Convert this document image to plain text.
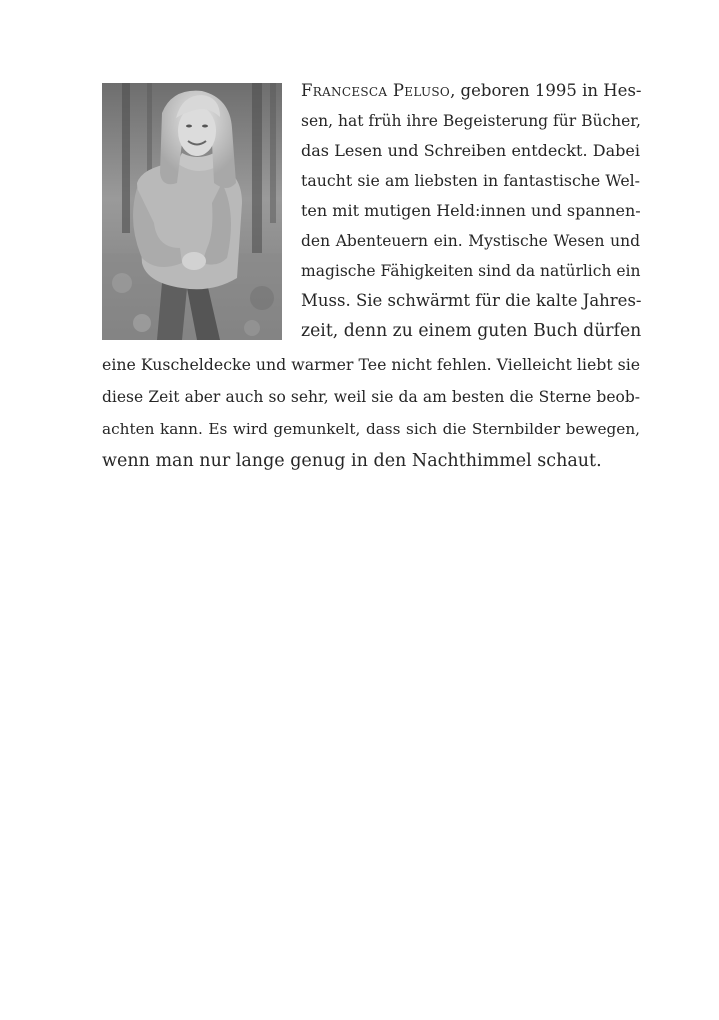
Francesca Peluso, geboren 1995 in Hes-
sen, hat früh ihre Begeisterung für Bücher,
das Lesen und Schreiben entdeckt. Dabei
taucht sie am liebsten in fantastische Wel-
ten mit mutigen Held:innen und spannen-
den Abenteuern ein. Mystische Wesen und
magische Fähigkeiten sind da natürlich ein
Muss. Sie schwärmt für die kalte Jahres-
zeit, denn zu einem guten Buch dürfen
eine Kuscheldecke und warmer Tee nicht fehlen. Vielleicht liebt sie
diese Zeit aber auch so sehr, weil sie da am besten die Sterne beob-
achten kann. Es wird gemunkelt, dass sich die Sternbilder bewegen,
wenn man nur lange genug in den Nachthimmel schaut.
